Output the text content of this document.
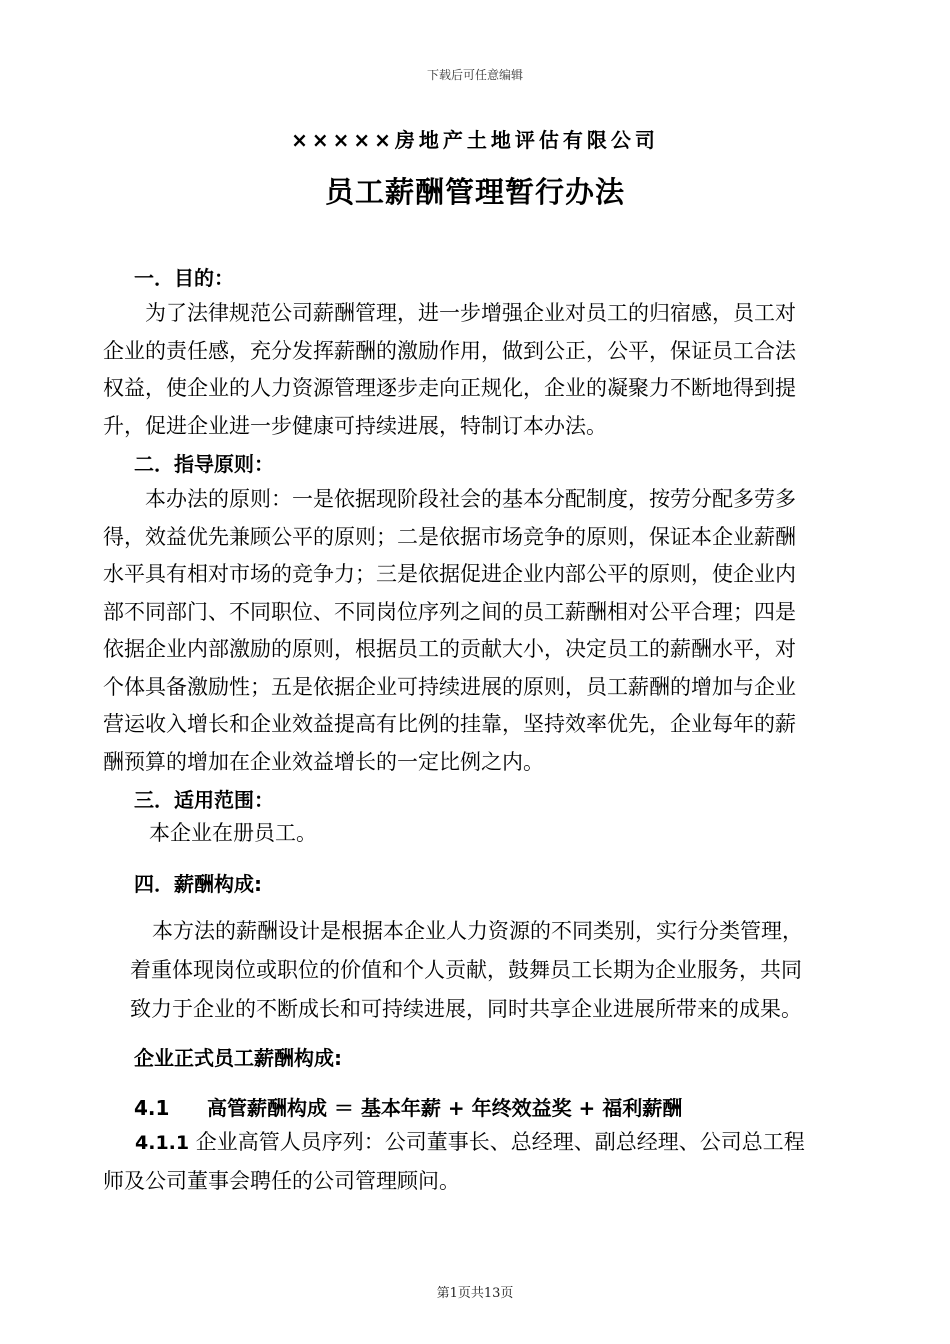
下载后可任意编辑
×××××房地产土地评估有限公司
员工薪酬管理暂行办法
一．目的：
为了法律规范公司薪酬管理，进一步增强企业对员工的归宿感，员工对
企业的责任感，充分发挥薪酬的激励作用，做到公正，公平，保证员工合法
权益，使企业的人力资源管理逐步走向正规化，企业的凝聚力不断地得到提
升，促进企业进一步健康可持续进展，特制订本办法。
二．指导原则：
本办法的原则：一是依据现阶段社会的基本分配制度，按劳分配多劳多
得，效益优先兼顾公平的原则；二是依据市场竞争的原则，保证本企业薪酬
水平具有相对市场的竞争力；三是依据促进企业内部公平的原则，使企业内
部不同部门、不同职位、不同岗位序列之间的员工薪酬相对公平合理；四是
依据企业内部激励的原则，根据员工的贡献大小，决定员工的薪酬水平，对
个体具备激励性；五是依据企业可持续进展的原则，员工薪酬的增加与企业
营运收入增长和企业效益提高有比例的挂靠，坚持效率优先，企业每年的薪
酬预算的增加在企业效益增长的一定比例之内。
三．适用范围：
本企业在册员工。
四．薪酬构成:
本方法的薪酬设计是根据本企业人力资源的不同类别，实行分类管理，
着重体现岗位或职位的价值和个人贡献，鼓舞员工长期为企业服务，共同
致力于企业的不断成长和可持续进展，同时共享企业进展所带来的成果。
企业正式员工薪酬构成:
4.1 高管薪酬构成 ＝ 基本年薪 + 年终效益奖 + 福利薪酬
4.1.1 企业高管人员序列：公司董事长、总经理、副总经理、公司总工程
师及公司董事会聘任的公司管理顾问。
第1页共13页
